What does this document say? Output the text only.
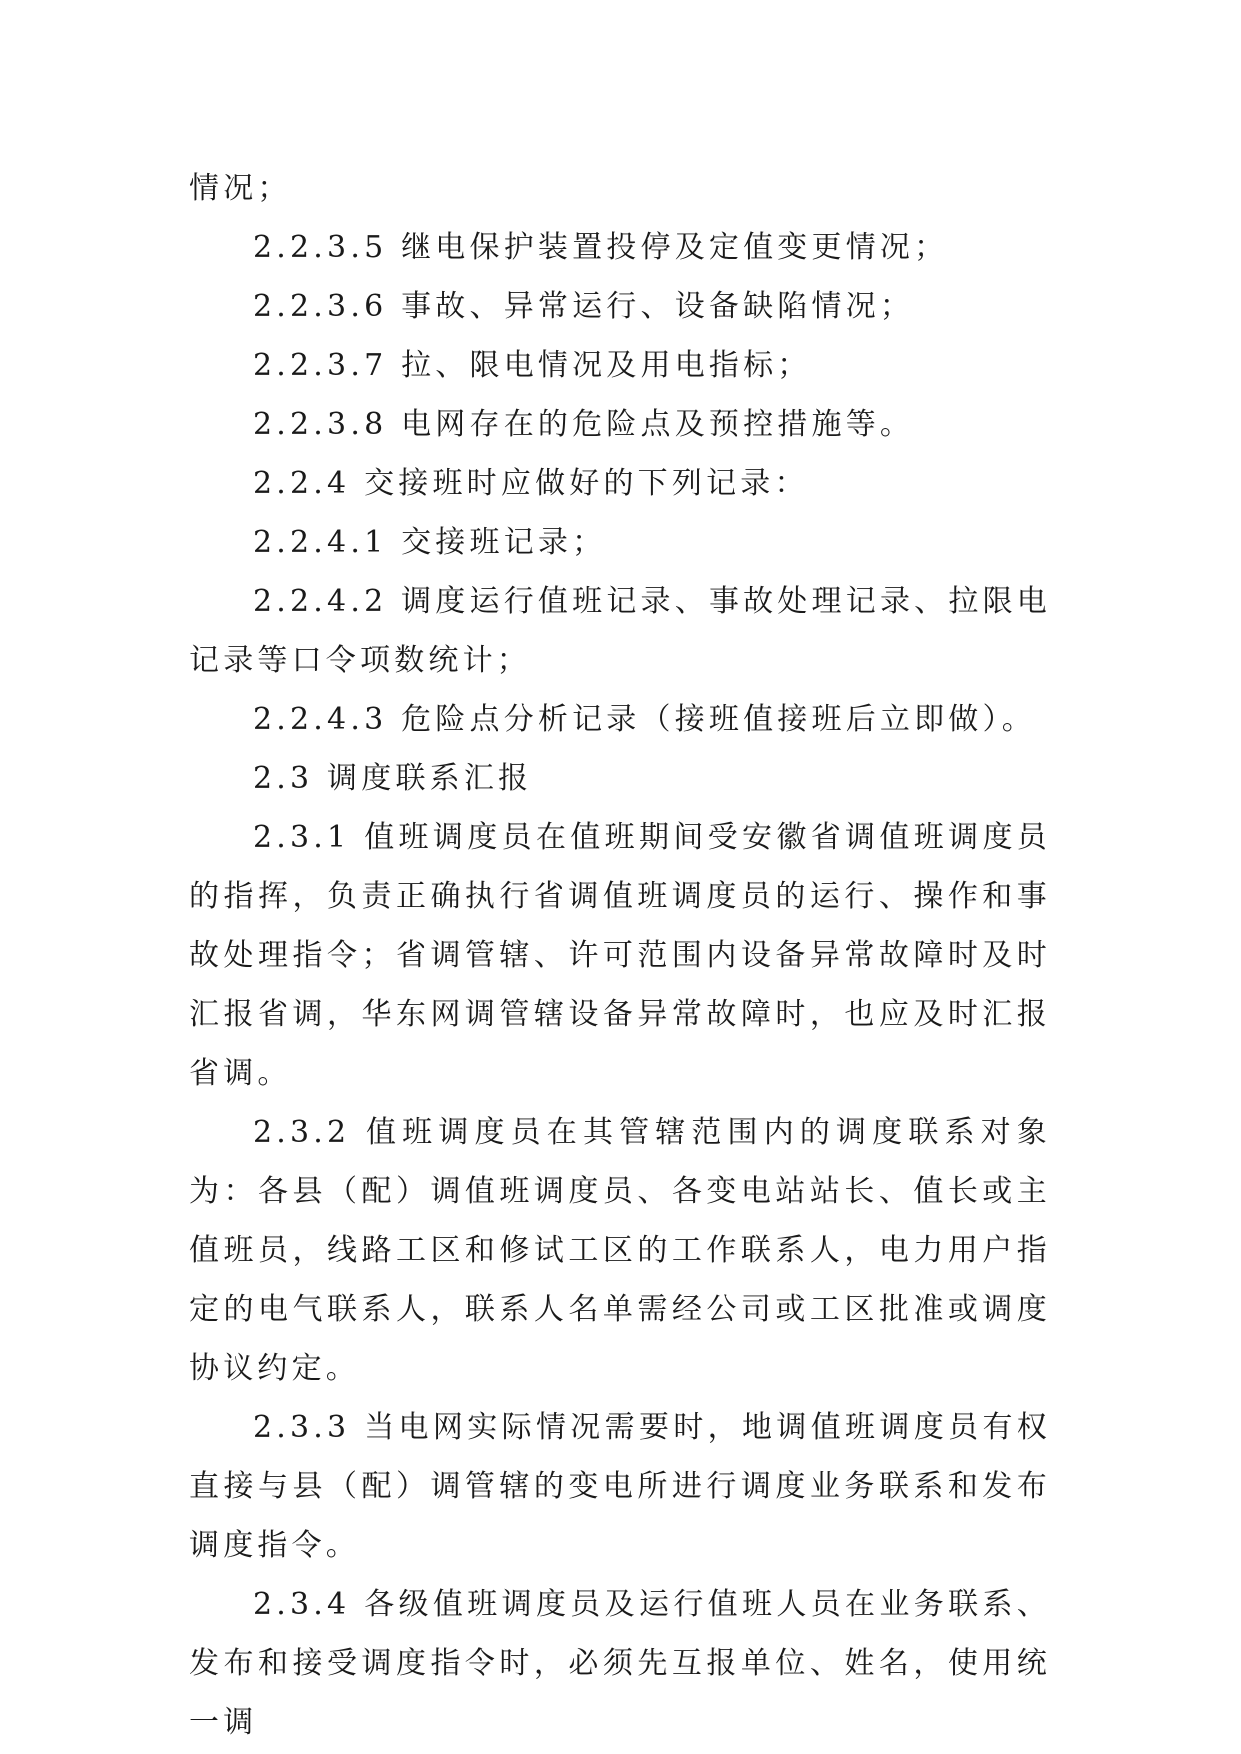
情况；

2.2.3.5 继电保护装置投停及定值变更情况；

2.2.3.6 事故、异常运行、设备缺陷情况；

2.2.3.7 拉、限电情况及用电指标；

2.2.3.8 电网存在的危险点及预控措施等。

2.2.4 交接班时应做好的下列记录：

2.2.4.1 交接班记录；

2.2.4.2 调度运行值班记录、事故处理记录、拉限电记录等口令项数统计；

2.2.4.3 危险点分析记录（接班值接班后立即做）。

2.3 调度联系汇报

2.3.1 值班调度员在值班期间受安徽省调值班调度员的指挥，负责正确执行省调值班调度员的运行、操作和事故处理指令；省调管辖、许可范围内设备异常故障时及时汇报省调，华东网调管辖设备异常故障时，也应及时汇报省调。

2.3.2 值班调度员在其管辖范围内的调度联系对象为：各县（配）调值班调度员、各变电站站长、值长或主值班员，线路工区和修试工区的工作联系人，电力用户指定的电气联系人，联系人名单需经公司或工区批准或调度协议约定。

2.3.3 当电网实际情况需要时，地调值班调度员有权直接与县（配）调管辖的变电所进行调度业务联系和发布调度指令。

2.3.4 各级值班调度员及运行值班人员在业务联系、发布和接受调度指令时，必须先互报单位、姓名，使用统一调
